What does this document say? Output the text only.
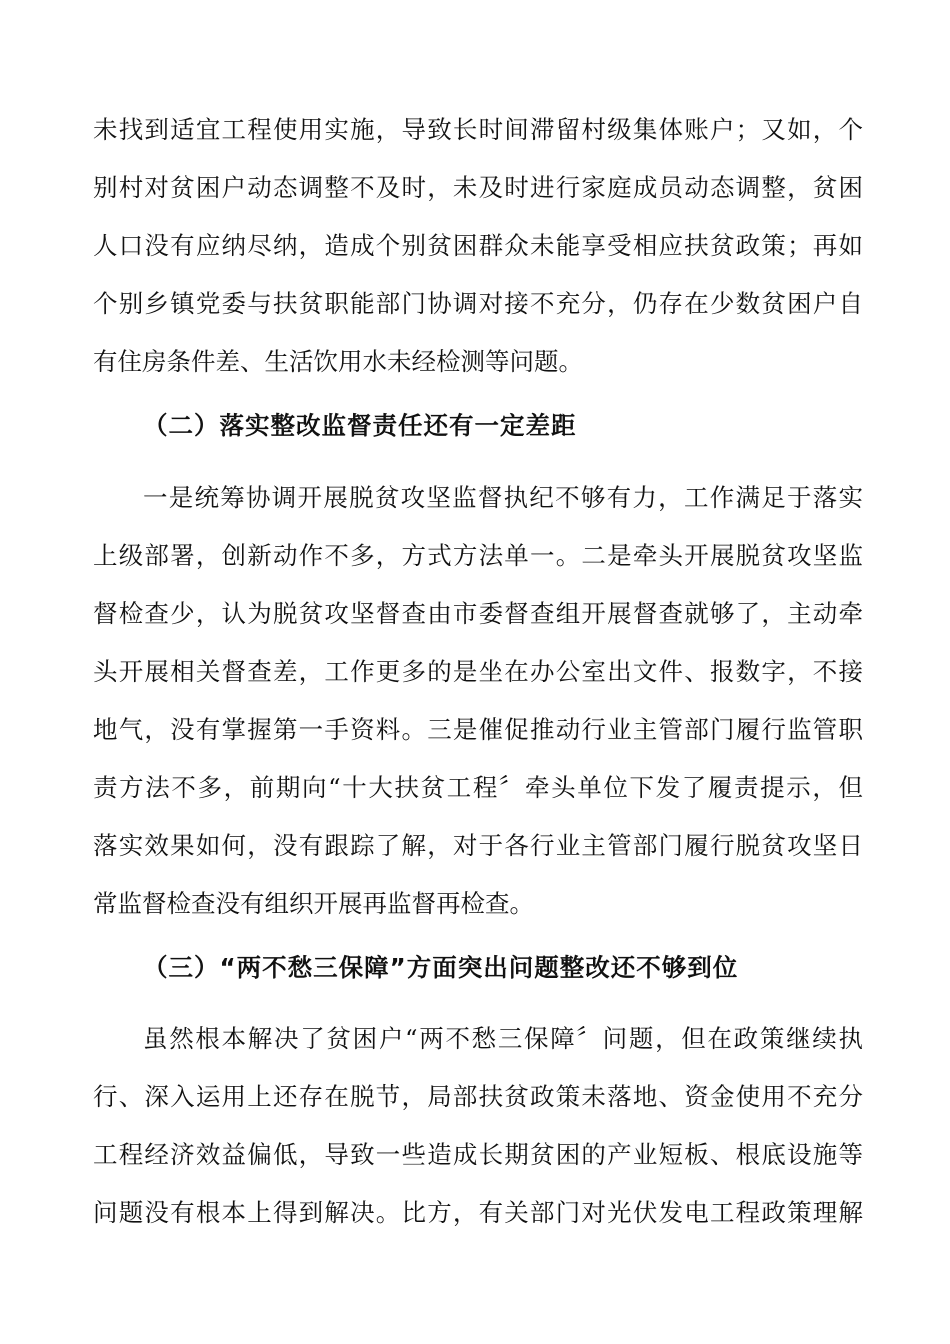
未找到适宜工程使用实施，导致长时间滞留村级集体账户；又如，个
别村对贫困户动态调整不及时，未及时进行家庭成员动态调整，贫困
人口没有应纳尽纳，造成个别贫困群众未能享受相应扶贫政策；再如
个别乡镇党委与扶贫职能部门协调对接不充分，仍存在少数贫困户自
有住房条件差、生活饮用水未经检测等问题。
（二）落实整改监督责任还有一定差距
一是统筹协调开展脱贫攻坚监督执纪不够有力，工作满足于落实
上级部署，创新动作不多，方式方法单一。二是牵头开展脱贫攻坚监
督检查少，认为脱贫攻坚督查由市委督查组开展督查就够了，主动牵
头开展相关督查差，工作更多的是坐在办公室出文件、报数字，不接
地气，没有掌握第一手资料。三是催促推动行业主管部门履行监管职
责方法不多，前期向“十大扶贫工程〞牵头单位下发了履责提示，但
落实效果如何，没有跟踪了解，对于各行业主管部门履行脱贫攻坚日
常监督检查没有组织开展再监督再检查。
（三）“两不愁三保障”方面突出问题整改还不够到位
虽然根本解决了贫困户“两不愁三保障〞问题，但在政策继续执
行、深入运用上还存在脱节，局部扶贫政策未落地、资金使用不充分
工程经济效益偏低，导致一些造成长期贫困的产业短板、根底设施等
问题没有根本上得到解决。比方，有关部门对光伏发电工程政策理解
